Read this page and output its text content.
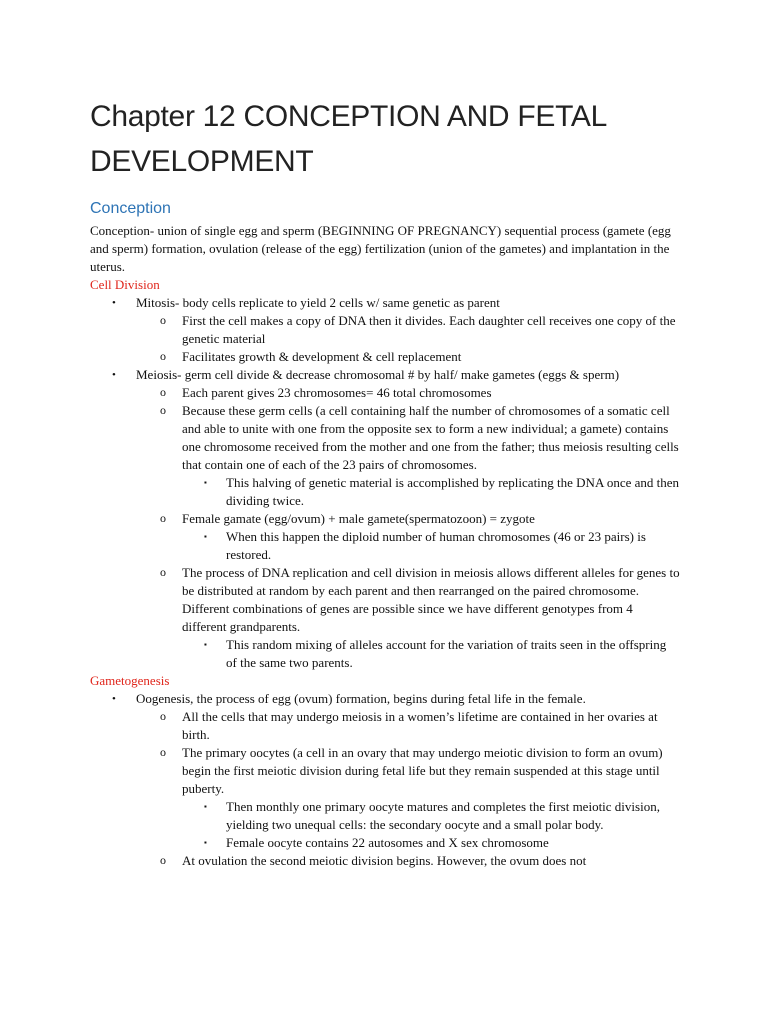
Chapter 12 CONCEPTION AND FETAL DEVELOPMENT
Conception

Conception- union of single egg and sperm (BEGINNING OF PREGNANCY) sequential process (gamete (egg and sperm) formation, ovulation (release of the egg) fertilization (union of the gametes) and implantation in the uterus.

Cell Division

• Mitosis- body cells replicate to yield 2 cells w/ same genetic as parent
o First the cell makes a copy of DNA then it divides. Each daughter cell receives one copy of the genetic material
o Facilitates growth & development & cell replacement
• Meiosis- germ cell divide & decrease chromosomal # by half/ make gametes (eggs & sperm)
o Each parent gives 23 chromosomes= 46 total chromosomes
o Because these germ cells (a cell containing half the number of chromosomes of a somatic cell and able to unite with one from the opposite sex to form a new individual; a gamete) contains one chromosome received from the mother and one from the father; thus meiosis resulting cells that contain one of each of the 23 pairs of chromosomes.
▪ This halving of genetic material is accomplished by replicating the DNA once and then dividing twice.
o Female gamate (egg/ovum) + male gamete(spermatozoon) = zygote
▪ When this happen the diploid number of human chromosomes (46 or 23 pairs) is restored.
o The process of DNA replication and cell division in meiosis allows different alleles for genes to be distributed at random by each parent and then rearranged on the paired chromosome. Different combinations of genes are possible since we have different genotypes from 4 different grandparents.
▪ This random mixing of alleles account for the variation of traits seen in the offspring of the same two parents.

Gametogenesis

• Oogenesis, the process of egg (ovum) formation, begins during fetal life in the female.
o All the cells that may undergo meiosis in a women’s lifetime are contained in her ovaries at birth.
o The primary oocytes (a cell in an ovary that may undergo meiotic division to form an ovum) begin the first meiotic division during fetal life but they remain suspended at this stage until puberty.
▪ Then monthly one primary oocyte matures and completes the first meiotic division, yielding two unequal cells: the secondary oocyte and a small polar body.
▪ Female oocyte contains 22 autosomes and X sex chromosome
o At ovulation the second meiotic division begins. However, the ovum does not
